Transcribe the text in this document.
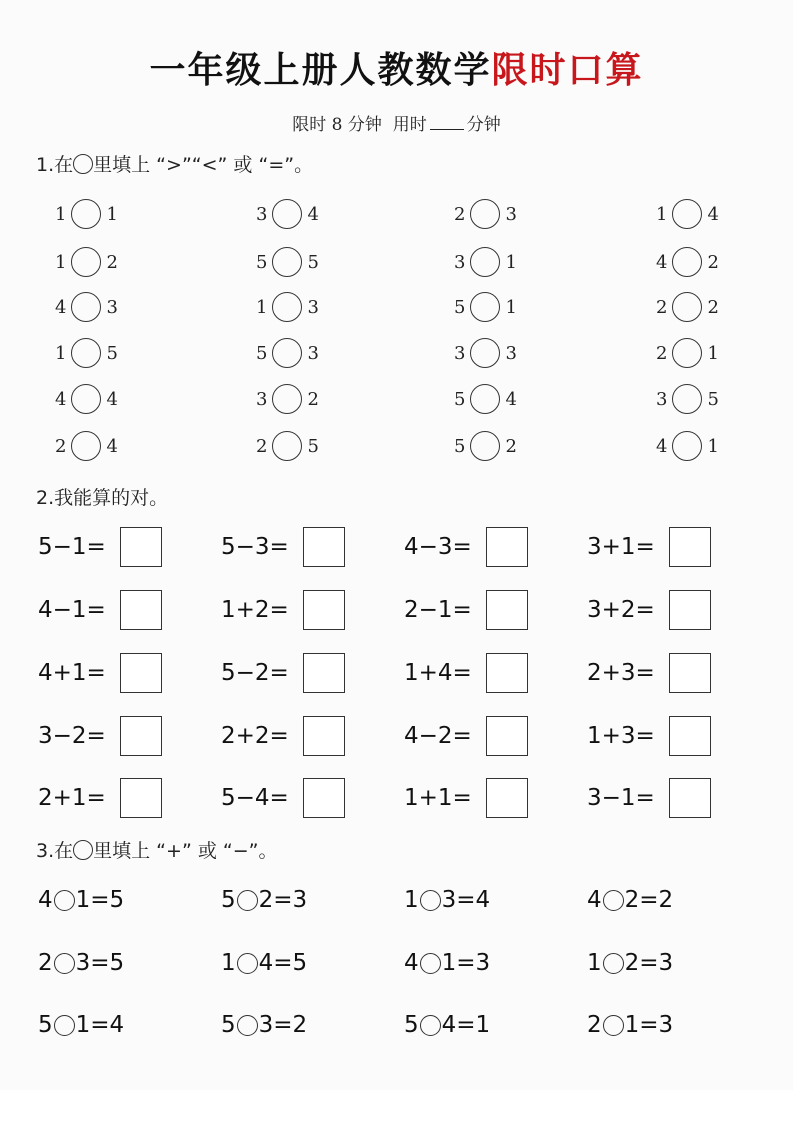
一年级上册人教数学限时口算
限时 8 分钟 用时 分钟
1.在 里填上 “>”“<” 或 “=”。
1 1	3 4	2 3	1 4
1 2	5 5	3 1	4 2
4 3	1 3	5 1	2 2
1 5	5 3	3 3	2 1
4 4	3 2	5 4	3 5
2 4	2 5	5 2	4 1
2.我能算的对。
5−1=	5−3=	4−3=	3+1=
4−1=	1+2=	2−1=	3+2=
4+1=	5−2=	1+4=	2+3=
3−2=	2+2=	4−2=	1+3=
2+1=	5−4=	1+1=	3−1=
3.在 里填上 “+” 或 “−”。
4 1=5	5 2=3	1 3=4	4 2=2
2 3=5	1 4=5	4 1=3	1 2=3
5 1=4	5 3=2	5 4=1	2 1=3
